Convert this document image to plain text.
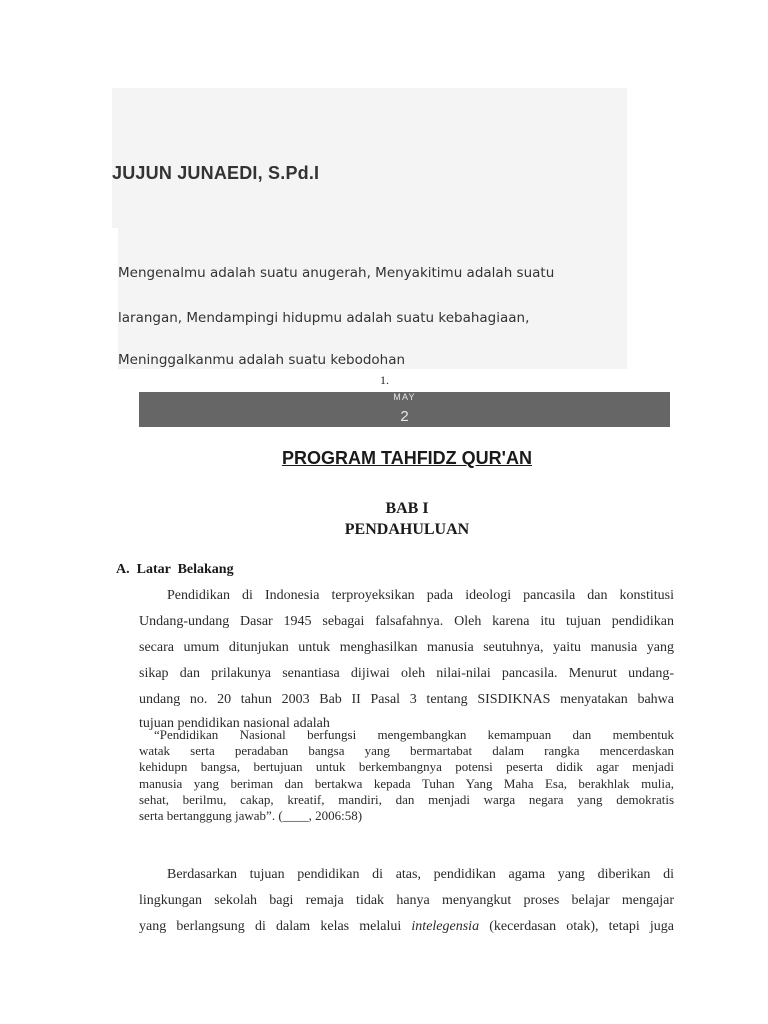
JUJUN JUNAEDI, S.Pd.I
Mengenalmu adalah suatu anugerah, Menyakitimu adalah suatu
larangan, Mendampingi hidupmu adalah suatu kebahagiaan,
Meninggalkanmu adalah suatu kebodohan
1.
MAY
2
PROGRAM TAHFIDZ QUR'AN
BAB I
PENDAHULUAN
A.  Latar  Belakang
Pendidikan di Indonesia terproyeksikan pada ideologi pancasila dan konstitusi
Undang-undang Dasar 1945 sebagai falsafahnya. Oleh karena itu tujuan pendidikan
secara umum ditunjukan untuk menghasilkan manusia seutuhnya, yaitu manusia yang
sikap dan prilakunya senantiasa dijiwai oleh nilai-nilai pancasila. Menurut undang-
undang no. 20 tahun 2003 Bab II Pasal 3 tentang SISDIKNAS menyatakan bahwa
tujuan pendidikan nasional adalah
“Pendidikan Nasional berfungsi mengembangkan kemampuan dan membentuk
watak serta peradaban bangsa yang bermartabat dalam rangka mencerdaskan
kehidupn bangsa, bertujuan untuk berkembangnya potensi peserta didik agar menjadi
manusia yang beriman dan bertakwa kepada Tuhan Yang Maha Esa, berakhlak mulia,
sehat, berilmu, cakap, kreatif, mandiri, dan menjadi warga negara yang demokratis
serta bertanggung jawab”. (____, 2006:58)
Berdasarkan tujuan pendidikan di atas, pendidikan agama yang diberikan di
lingkungan sekolah bagi remaja tidak hanya menyangkut proses belajar mengajar
yang berlangsung di dalam kelas melalui intelegensia (kecerdasan otak), tetapi juga
